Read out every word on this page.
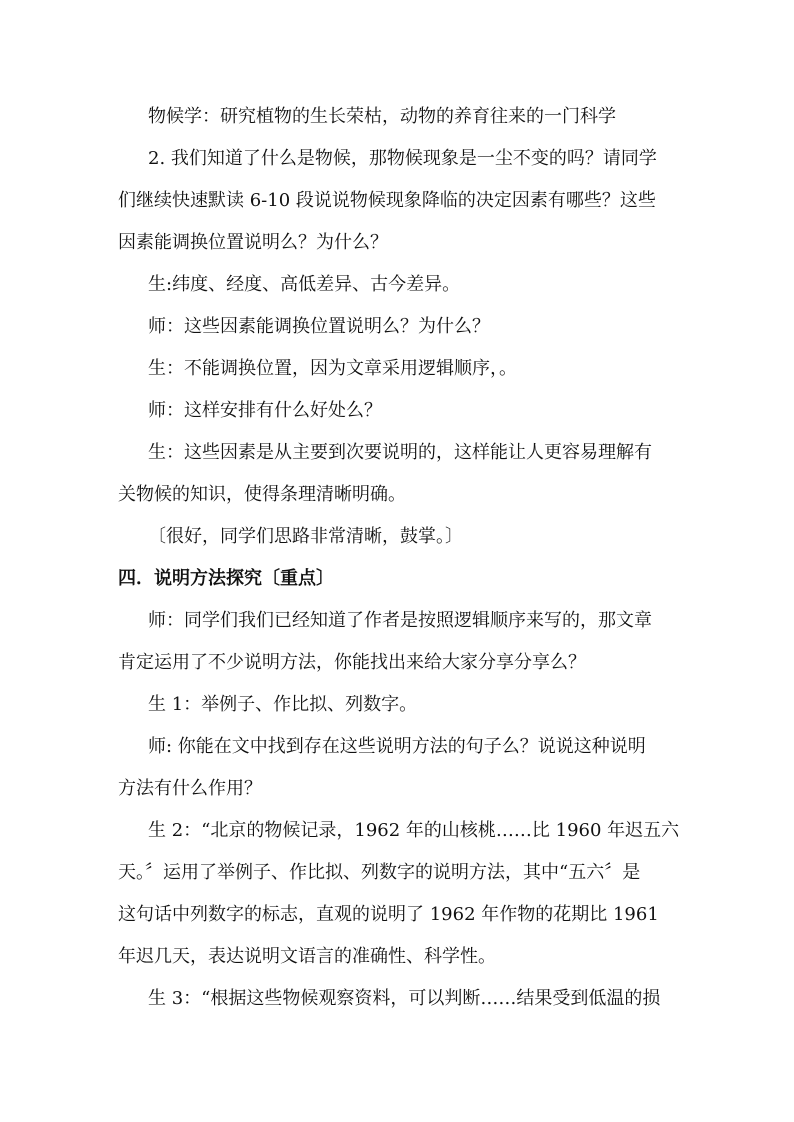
物候学：研究植物的生长荣枯，动物的养育往来的一门科学
2. 我们知道了什么是物候，那物候现象是一尘不变的吗？请同学
们继续快速默读 6-10 段说说物候现象降临的决定因素有哪些？这些
因素能调换位置说明么？为什么？
生:纬度、经度、高低差异、古今差异。
师：这些因素能调换位置说明么？为什么？
生：不能调换位置，因为文章采用逻辑顺序，。
师：这样安排有什么好处么？
生：这些因素是从主要到次要说明的，这样能让人更容易理解有
关物候的知识，使得条理清晰明确。
〔很好，同学们思路非常清晰，鼓掌。〕
四．说明方法探究〔重点〕
师：同学们我们已经知道了作者是按照逻辑顺序来写的，那文章
肯定运用了不少说明方法，你能找出来给大家分享分享么？
生 1：举例子、作比拟、列数字。
师: 你能在文中找到存在这些说明方法的句子么？说说这种说明
方法有什么作用？
生 2：“北京的物候记录，1962 年的山核桃……比 1960 年迟五六
天。〞运用了举例子、作比拟、列数字的说明方法，其中“五六〞是
这句话中列数字的标志，直观的说明了 1962 年作物的花期比 1961
年迟几天，表达说明文语言的准确性、科学性。
生 3：“根据这些物候观察资料，可以判断……结果受到低温的损
